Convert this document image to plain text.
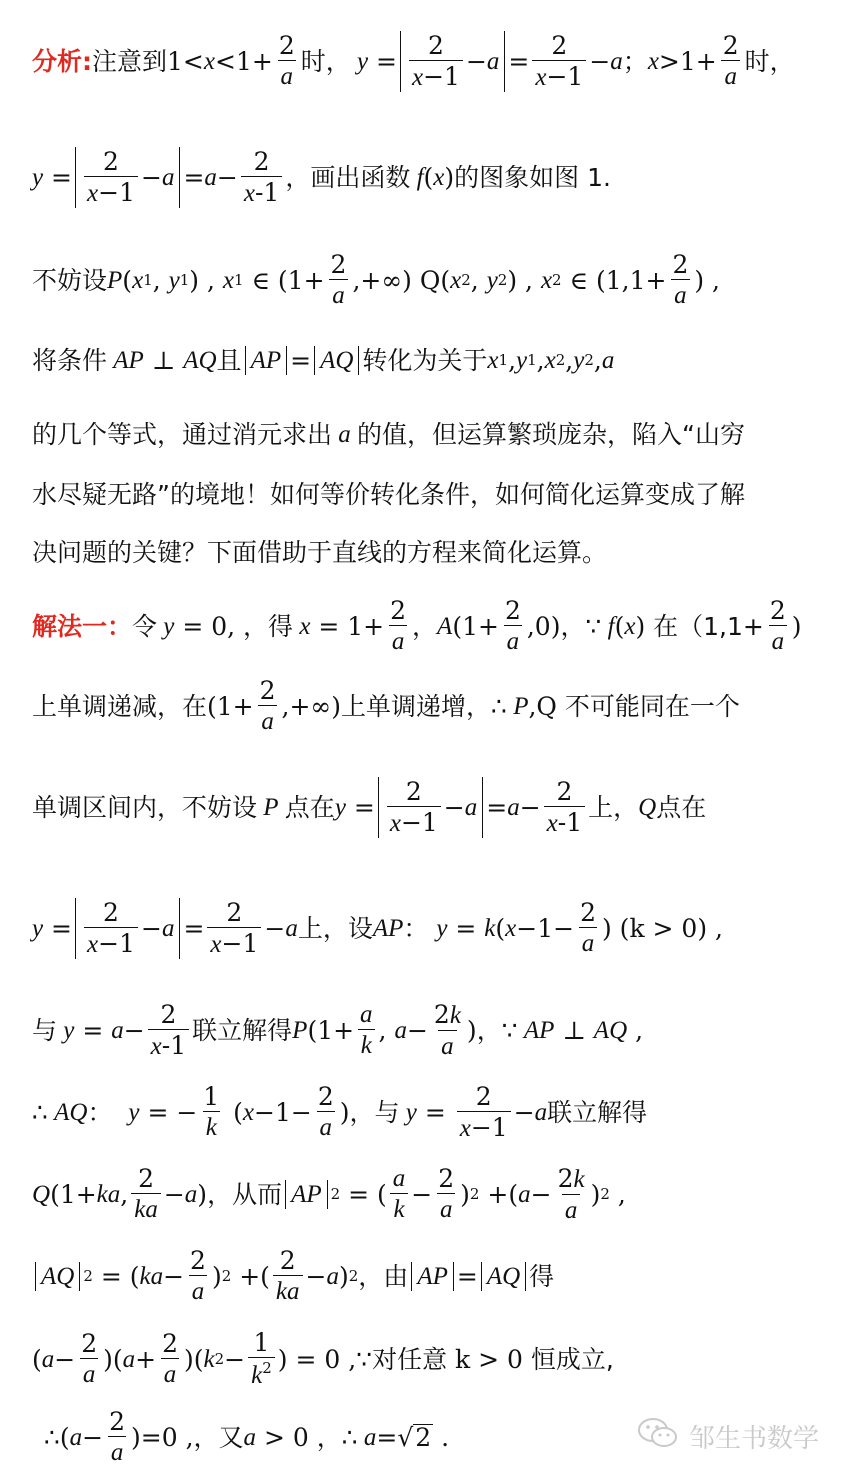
分析 : 注意到 $1< x <1+ \frac{2}{a}$ 时， $y = \frac{2}{x-1} - a = \frac{2}{x-1} - a$ ； $x >1+ \frac{2}{a}$ 时，
$y = \frac{2}{x-1} - a = a - \frac{2}{x-1}$ ，画出函数 f ( x ) 的图象如图 1.
不妨设 P ( x 1 , y 1 ) , x 1 ∈ ($1+ \frac{2}{a}$ ,+∞) Q( x 2 , y 2 ) , x 2 ∈ ($1,1+ \frac{2}{a}$ ) ,
将条件 AP ⊥ AQ 且 AP = AQ 转化为关于 x 1 , y 1 , x 2 , y 2 , a
的几个等式，通过消元求出 a 的值，但运算繁琐庞杂，陷入“山穷
水尽疑无路”的境地！如何等价转化条件，如何简化运算变成了解
决问题的关键？下面借助于直线的方程来简化运算。
解法一 ： 令 y = 0, ，得 $x = 1+ \frac{2}{a}$ ， A $(1+ \frac{2}{a} ,0)$ ，∵ f ( x ) 在（$1,1+ \frac{2}{a}$ )
上单调递减，在 ($1+ \frac{2}{a}$ ,+∞) 上单调递增，∴ P ,Q 不可能同在一个
单调区间内，不妨设 P 点在 $y = \frac{2}{x-1} - a = a - \frac{2}{x-1}$ 上， Q 点在
$y = \frac{2}{x-1} - a = \frac{2}{x-1} - a$ 上，设 AP ： y = k ( $x -1- \frac{2}{a}$ ) (k > 0) ,
与 $y = a - \frac{2}{x-1}$ 联立解得 P ($1+ \frac{a}{k}$ , $a - \frac{2k}{a}$ ) ，∵ AP ⊥ AQ ,
∴ AQ ： y = − $\frac{1}{k}$ ( $x -1- \frac{2}{a}$ ) ，与 $y = \frac{2}{x-1} - a$ 联立解得
Q (1+ ka , $\frac{2}{ka} - a$ ) ，从而 AP 2 = ( $\frac{a}{k} - \frac{2}{a}$ ) 2 +( $a - \frac{2k}{a}$ ) 2 ,
AQ 2 = ( ka − $\frac{2}{a}$ ) 2 +( $\frac{2}{ka} - a$ ) 2 ，由 AP = AQ 得
( $a - \frac{2}{a}$ )( $a + \frac{2}{a}$ )( k $2 - \frac{1}{k^2}$ ) = 0 , ∵对任意 k > 0 恒成立,
∴ ( $a - \frac{2}{a} )=0$ , ，又 a > 0 ，∴ a =√ 2 .	邹生书数学
